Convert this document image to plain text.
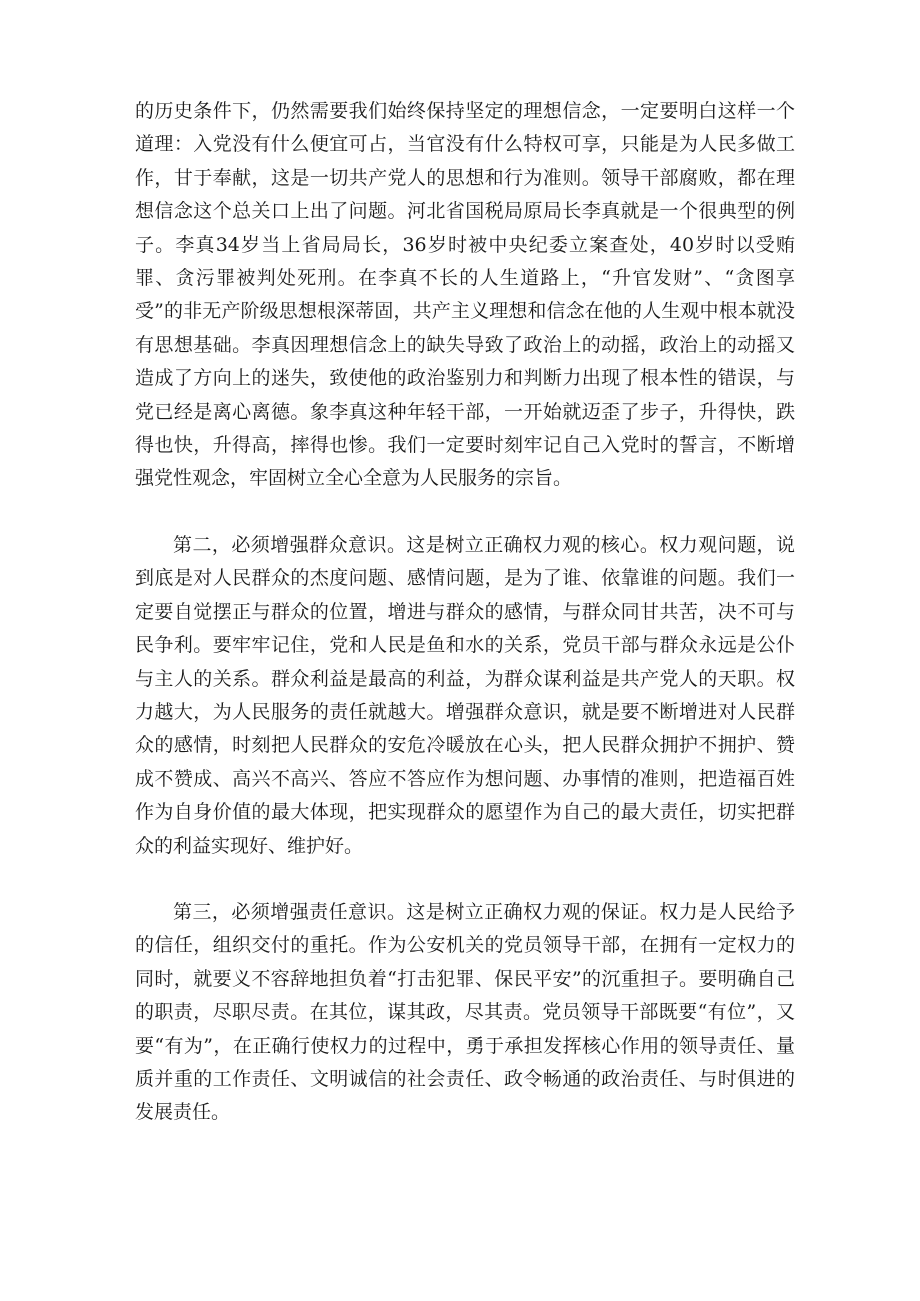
的历史条件下，仍然需要我们始终保持坚定的理想信念，一定要明白这样一个道理：入党没有什么便宜可占，当官没有什么特权可享，只能是为人民多做工作，甘于奉献，这是一切共产党人的思想和行为准则。领导干部腐败，都在理想信念这个总关口上出了问题。河北省国税局原局长李真就是一个很典型的例子。李真34岁当上省局局长，36岁时被中央纪委立案查处，40岁时以受贿罪、贪污罪被判处死刑。在李真不长的人生道路上，“升官发财”、“贪图享受”的非无产阶级思想根深蒂固，共产主义理想和信念在他的人生观中根本就没有思想基础。李真因理想信念上的缺失导致了政治上的动摇，政治上的动摇又造成了方向上的迷失，致使他的政治鉴别力和判断力出现了根本性的错误，与党已经是离心离德。象李真这种年轻干部，一开始就迈歪了步子，升得快，跌得也快，升得高，摔得也惨。我们一定要时刻牢记自己入党时的誓言，不断增强党性观念，牢固树立全心全意为人民服务的宗旨。

第二，必须增强群众意识。这是树立正确权力观的核心。权力观问题，说到底是对人民群众的杰度问题、感情问题，是为了谁、依靠谁的问题。我们一定要自觉摆正与群众的位置，增进与群众的感情，与群众同甘共苦，决不可与民争利。要牢牢记住，党和人民是鱼和水的关系，党员干部与群众永远是公仆与主人的关系。群众利益是最高的利益，为群众谋利益是共产党人的天职。权力越大，为人民服务的责任就越大。增强群众意识，就是要不断增进对人民群众的感情，时刻把人民群众的安危冷暖放在心头，把人民群众拥护不拥护、赞成不赞成、高兴不高兴、答应不答应作为想问题、办事情的准则，把造福百姓作为自身价值的最大体现，把实现群众的愿望作为自己的最大责任，切实把群众的利益实现好、维护好。

第三，必须增强责任意识。这是树立正确权力观的保证。权力是人民给予的信任，组织交付的重托。作为公安机关的党员领导干部，在拥有一定权力的同时，就要义不容辞地担负着“打击犯罪、保民平安”的沉重担子。要明确自己的职责，尽职尽责。在其位，谋其政，尽其责。党员领导干部既要“有位”，又要“有为”，在正确行使权力的过程中，勇于承担发挥核心作用的领导责任、量质并重的工作责任、文明诚信的社会责任、政令畅通的政治责任、与时俱进的发展责任。
